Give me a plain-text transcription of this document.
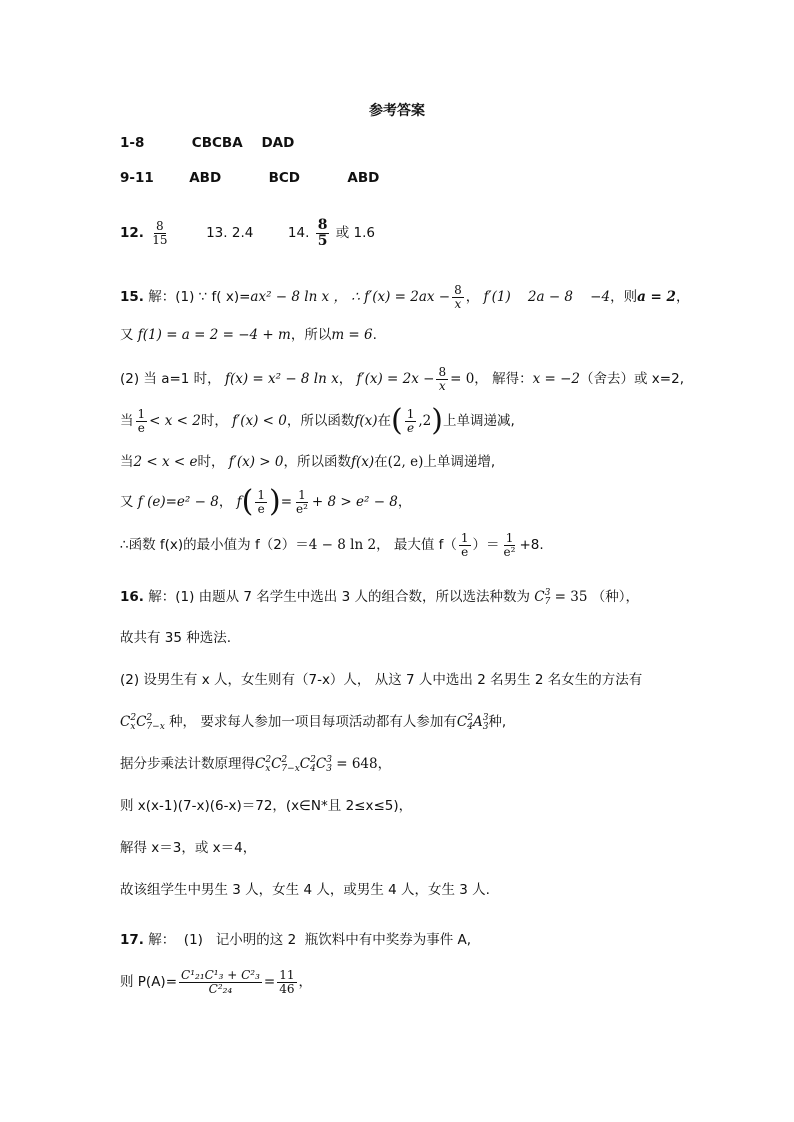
参考答案
1-8	CBCBA    DAD
9-11	ABD	BCD	ABD
12. $\frac{8}{15}$	13. 2.4	14. $\frac{8}{5}$ 或 1.6
15. 解：(1) ∵ f( x)=ax² − 8 ln x ， ∴ $f'(x) = 2ax - \frac{8}{x}$ ， f′(1)    2a − 8    −4，则a = 2，
又 f(1) = a = 2 = −4 + m，所以m = 6.
(2) 当 a=1 时， f(x) = x² − 8 ln x， $f'(x) = 2x - \frac{8}{x} = 0$， 解得：x = −2（舍去）或 x=2,
当 $\frac{1}{e} < x < 2$时， f′(x) < 0，所以函数f(x)在( $\frac{1}{e} ,2$)上单调递减,
当2 < x < e时， f′(x) > 0，所以函数f(x)在(2, e)上单调递增,
又 f (e)=e² − 8， $f( \frac{1}{e}$ )= $\frac{1}{\text{e²}} + 8 > e^2 - 8$，
∴函数 f(x)的最小值为 f（2）＝4 − 8 ln 2， 最大值 $f( \frac{1}{e}$ ）＝ $\frac{1}{\text{e²}} +8$.
16. 解：(1) 由题从 7 名学生中选出 3 人的组合数，所以选法种数为 C 3
7 = 35 （种），
故共有 35 种选法.
(2) 设男生有 x 人，女生则有（7-x）人， 从这 7 人中选出 2 名男生 2 名女生的方法有
C 2
x C 2
7−x 种， 要求每人参加一项目每项活动都有人参加有C 2
4 A 3
3 种,
据分步乘法计数原理得C 2
x C 2
7−x C 2
4 C 3
3 = 648，
则 x(x-1)(7-x)(6-x)＝72，(x∈N*且 2≤x≤5)，
解得 x＝3，或 x＝4，
故该组学生中男生 3 人，女生 4 人，或男生 4 人，女生 3 人.
17. 解：  (1)   记小明的这 2  瓶饮料中有中奖券为事件 A,
则 $P(A)= \frac{\text{C¹₂₁C¹₃ + C²₃}}{\text{C²₂₄}} = \frac{11}{46}$ ，
